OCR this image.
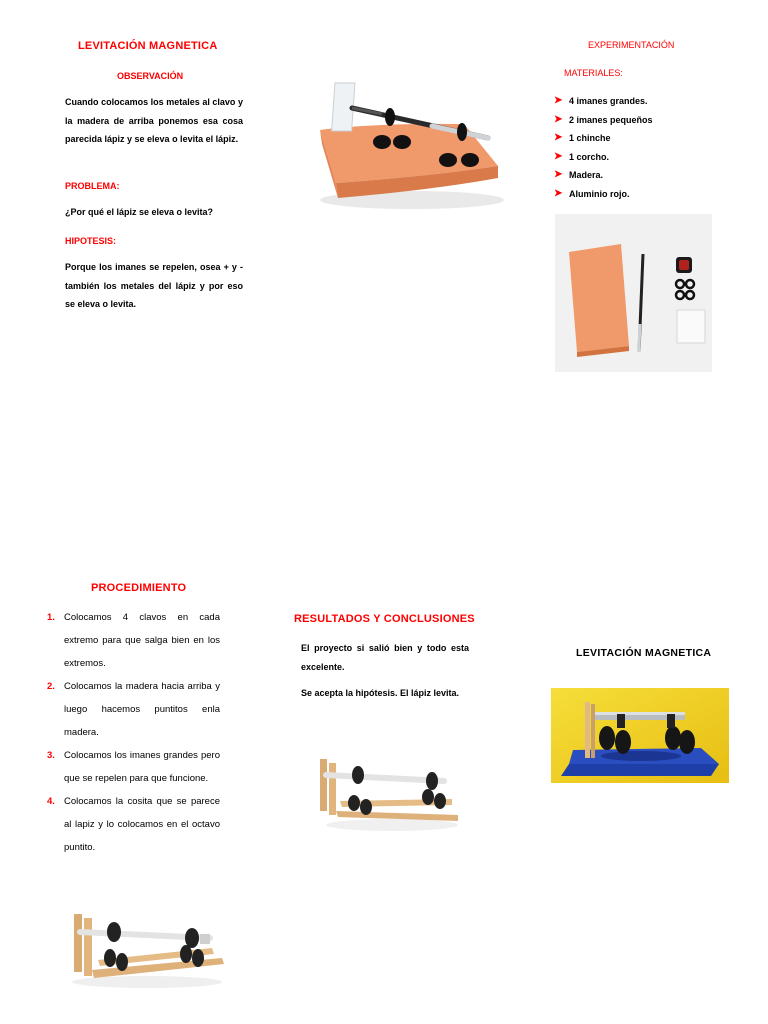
LEVITACIÓN MAGNETICA
OBSERVACIÓN
Cuando colocamos los metales al clavo y la madera de arriba ponemos esa cosa parecida lápiz y se eleva o levita el lápiz.
PROBLEMA:
¿Por qué el lápiz se eleva o levita?
HIPOTESIS:
Porque los imanes se repelen, osea + y - también los metales del lápiz y por eso se eleva o levita.
EXPERIMENTACIÓN
MATERIALES:
➤ 4 imanes grandes.
➤ 2 imanes pequeños
➤ 1 chinche
➤ 1 corcho.
➤ Madera.
➤ Aluminio rojo.
PROCEDIMIENTO
1. Colocamos 4 clavos en cada extremo para que salga bien en los extremos.
2. Colocamos la madera hacia arriba y luego hacemos puntitos enla madera.
3. Colocamos los imanes grandes pero que se repelen para que funcione.
4. Colocamos la cosita que se parece al lapiz y lo colocamos en el octavo puntito.
RESULTADOS Y CONCLUSIONES
El proyecto si salió bien y todo esta excelente.
Se acepta la hipótesis. El lápiz levita.
LEVITACIÓN MAGNETICA
